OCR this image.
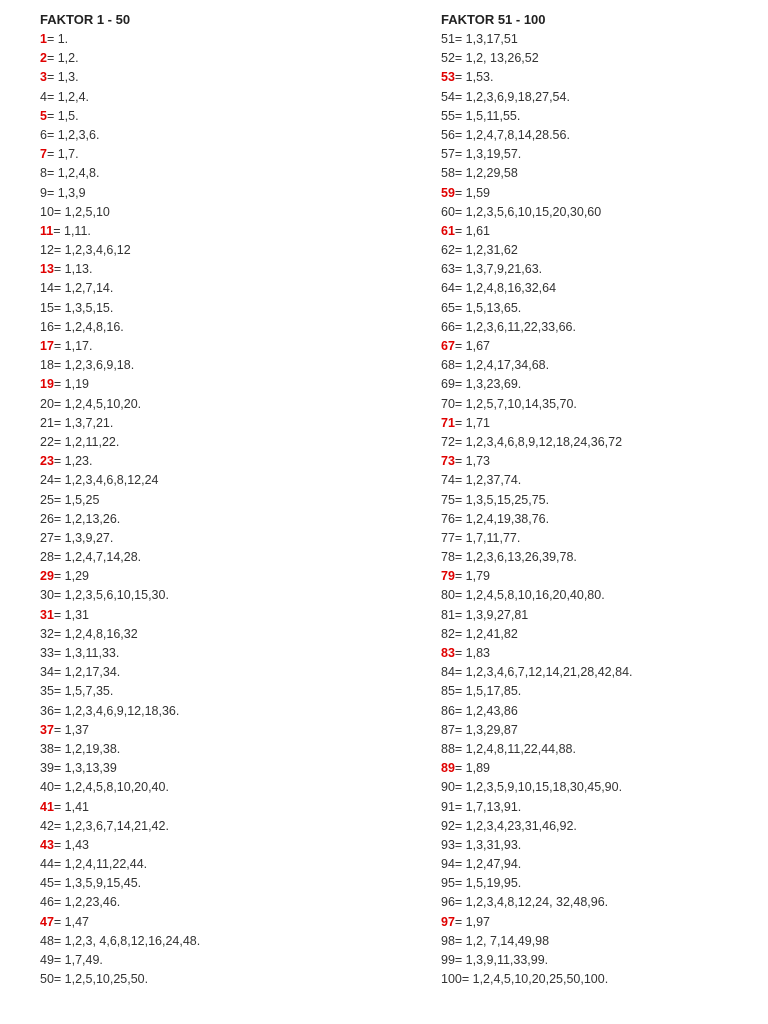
FAKTOR 1 - 50
1= 1.
2= 1,2.
3= 1,3.
4= 1,2,4.
5= 1,5.
6= 1,2,3,6.
7= 1,7.
8= 1,2,4,8.
9= 1,3,9
10= 1,2,5,10
11= 1,11.
12= 1,2,3,4,6,12
13= 1,13.
14= 1,2,7,14.
15= 1,3,5,15.
16= 1,2,4,8,16.
17= 1,17.
18= 1,2,3,6,9,18.
19= 1,19
20= 1,2,4,5,10,20.
21= 1,3,7,21.
22= 1,2,11,22.
23= 1,23.
24= 1,2,3,4,6,8,12,24
25= 1,5,25
26= 1,2,13,26.
27= 1,3,9,27.
28= 1,2,4,7,14,28.
29= 1,29
30= 1,2,3,5,6,10,15,30.
31= 1,31
32= 1,2,4,8,16,32
33= 1,3,11,33.
34= 1,2,17,34.
35= 1,5,7,35.
36= 1,2,3,4,6,9,12,18,36.
37= 1,37
38= 1,2,19,38.
39= 1,3,13,39
40= 1,2,4,5,8,10,20,40.
41= 1,41
42= 1,2,3,6,7,14,21,42.
43= 1,43
44= 1,2,4,11,22,44.
45= 1,3,5,9,15,45.
46= 1,2,23,46.
47= 1,47
48= 1,2,3, 4,6,8,12,16,24,48.
49= 1,7,49.
50= 1,2,5,10,25,50.
FAKTOR 51 - 100
51= 1,3,17,51
52= 1,2, 13,26,52
53= 1,53.
54= 1,2,3,6,9,18,27,54.
55= 1,5,11,55.
56= 1,2,4,7,8,14,28.56.
57= 1,3,19,57.
58= 1,2,29,58
59= 1,59
60= 1,2,3,5,6,10,15,20,30,60
61= 1,61
62= 1,2,31,62
63= 1,3,7,9,21,63.
64= 1,2,4,8,16,32,64
65= 1,5,13,65.
66= 1,2,3,6,11,22,33,66.
67= 1,67
68= 1,2,4,17,34,68.
69= 1,3,23,69.
70= 1,2,5,7,10,14,35,70.
71= 1,71
72= 1,2,3,4,6,8,9,12,18,24,36,72
73= 1,73
74= 1,2,37,74.
75= 1,3,5,15,25,75.
76= 1,2,4,19,38,76.
77= 1,7,11,77.
78= 1,2,3,6,13,26,39,78.
79= 1,79
80= 1,2,4,5,8,10,16,20,40,80.
81= 1,3,9,27,81
82= 1,2,41,82
83= 1,83
84= 1,2,3,4,6,7,12,14,21,28,42,84.
85= 1,5,17,85.
86= 1,2,43,86
87= 1,3,29,87
88= 1,2,4,8,11,22,44,88.
89= 1,89
90= 1,2,3,5,9,10,15,18,30,45,90.
91= 1,7,13,91.
92= 1,2,3,4,23,31,46,92.
93= 1,3,31,93.
94= 1,2,47,94.
95= 1,5,19,95.
96= 1,2,3,4,8,12,24, 32,48,96.
97= 1,97
98= 1,2, 7,14,49,98
99= 1,3,9,11,33,99.
100= 1,2,4,5,10,20,25,50,100.
